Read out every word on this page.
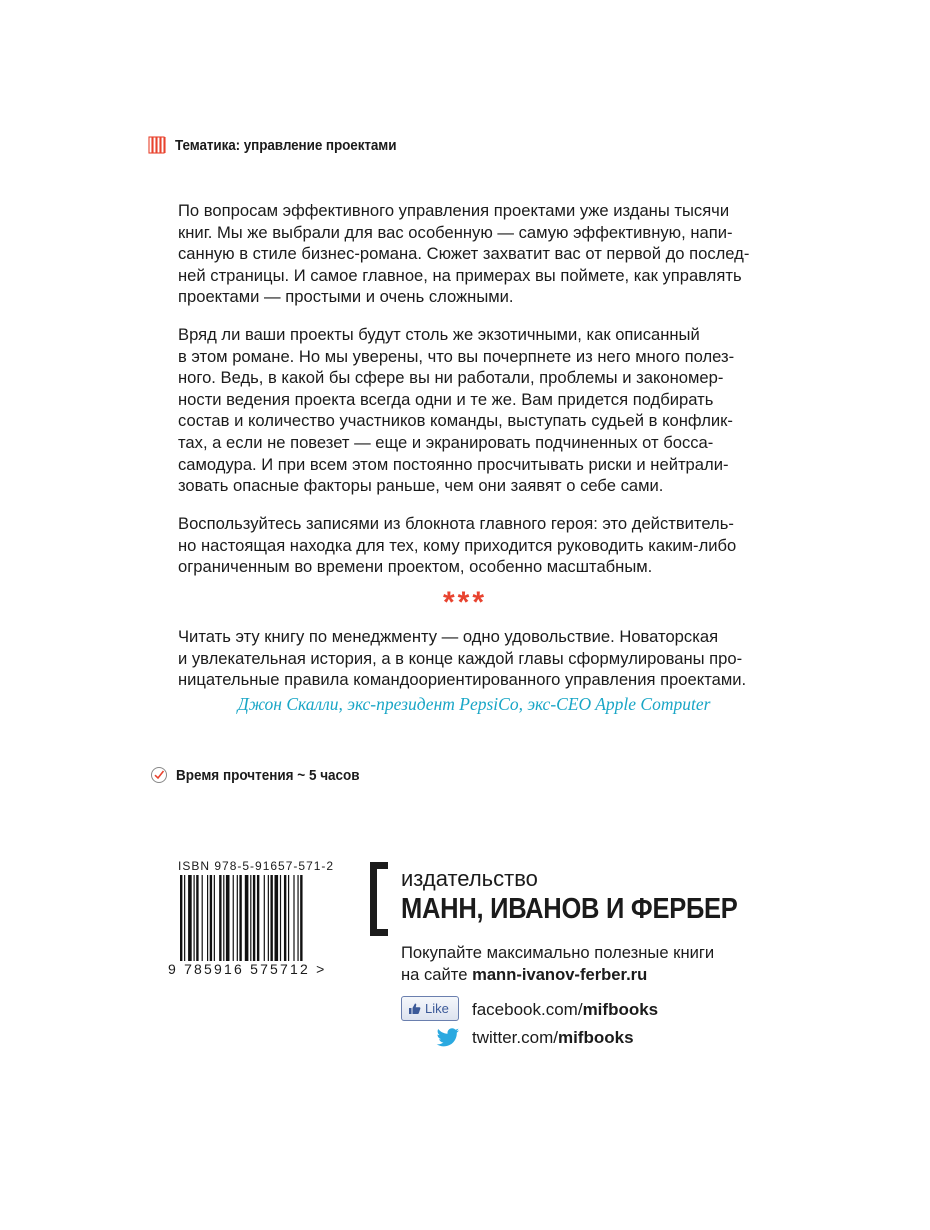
Тематика: управление проектами
По вопросам эффективного управления проектами уже изданы тысячи
книг. Мы же выбрали для вас особенную — самую эффективную, напи-
санную в стиле бизнес-романа. Сюжет захватит вас от первой до послед-
ней страницы. И самое главное, на примерах вы поймете, как управлять
проектами — простыми и очень сложными.
Вряд ли ваши проекты будут столь же экзотичными, как описанный
в этом романе. Но мы уверены, что вы почерпнете из него много полез-
ного. Ведь, в какой бы сфере вы ни работали, проблемы и закономер-
ности ведения проекта всегда одни и те же. Вам придется подбирать
состав и количество участников команды, выступать судьей в конфлик-
тах, а если не повезет — еще и экранировать подчиненных от босса-
самодура. И при всем этом постоянно просчитывать риски и нейтрали-
зовать опасные факторы раньше, чем они заявят о себе сами.
Воспользуйтесь записями из блокнота главного героя: это действитель-
но настоящая находка для тех, кому приходится руководить каким-либо
ограниченным во времени проектом, особенно масштабным.
***
Читать эту книгу по менеджменту — одно удовольствие. Новаторская
и увлекательная история, а в конце каждой главы сформулированы про-
ницательные правила командоориентированного управления проектами.
Джон Скалли, экс-президент PepsiCo, экс-CEO Apple Computer
Время прочтения ~ 5 часов
ISBN 978-5-91657-571-2
9 785916 575712 >
издательство
МАНН, ИВАНОВ И ФЕРБЕР
Покупайте максимально полезные книги
на сайте mann-ivanov-ferber.ru
Like facebook.com/mifbooks
twitter.com/mifbooks
